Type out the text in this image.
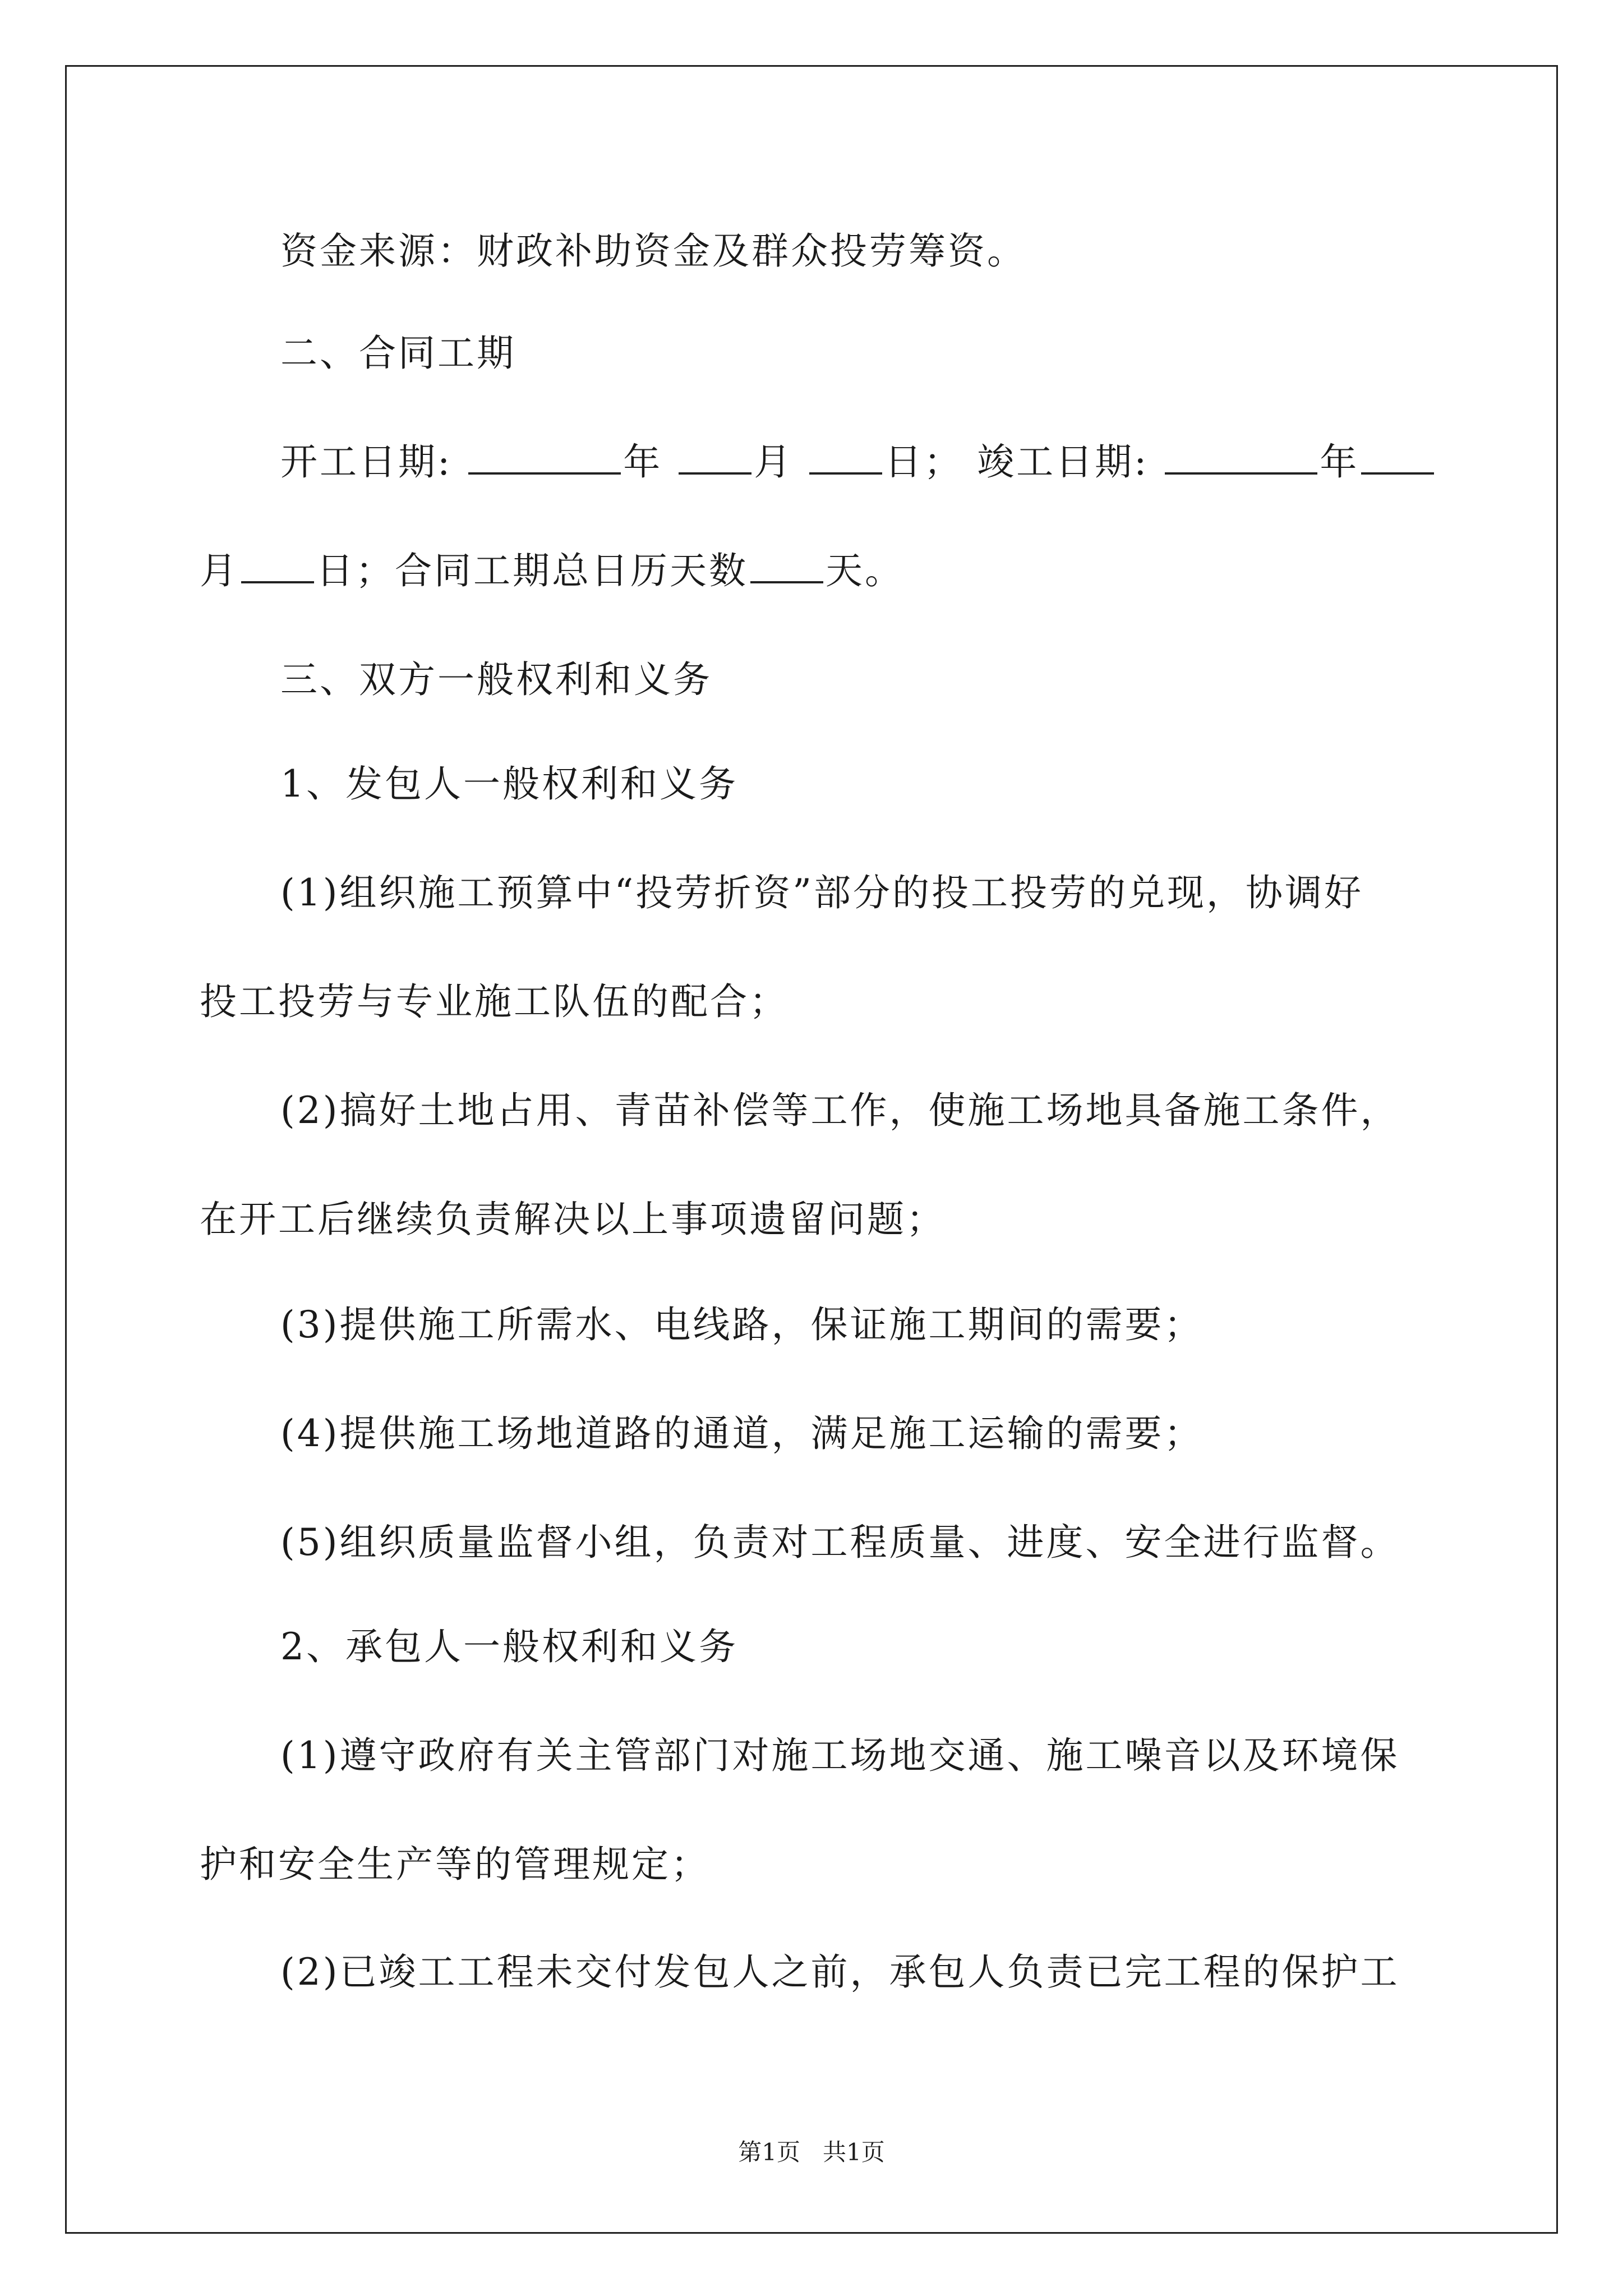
资金来源：财政补助资金及群众投劳筹资。
二、合同工期
开工日期:	年 月 日； 竣工日期:	年
月 日；合同工期总日历天数 天。
三、双方一般权利和义务
1、发包人一般权利和义务
(1)组织施工预算中“投劳折资”部分的投工投劳的兑现，协调好
投工投劳与专业施工队伍的配合；
(2)搞好土地占用、青苗补偿等工作，使施工场地具备施工条件，
在开工后继续负责解决以上事项遗留问题；
(3)提供施工所需水、电线路，保证施工期间的需要；
(4)提供施工场地道路的通道，满足施工运输的需要；
(5)组织质量监督小组，负责对工程质量、进度、安全进行监督。
2、承包人一般权利和义务
(1)遵守政府有关主管部门对施工场地交通、施工噪音以及环境保
护和安全生产等的管理规定；
(2)已竣工工程未交付发包人之前，承包人负责已完工程的保护工
第1页   共1页
